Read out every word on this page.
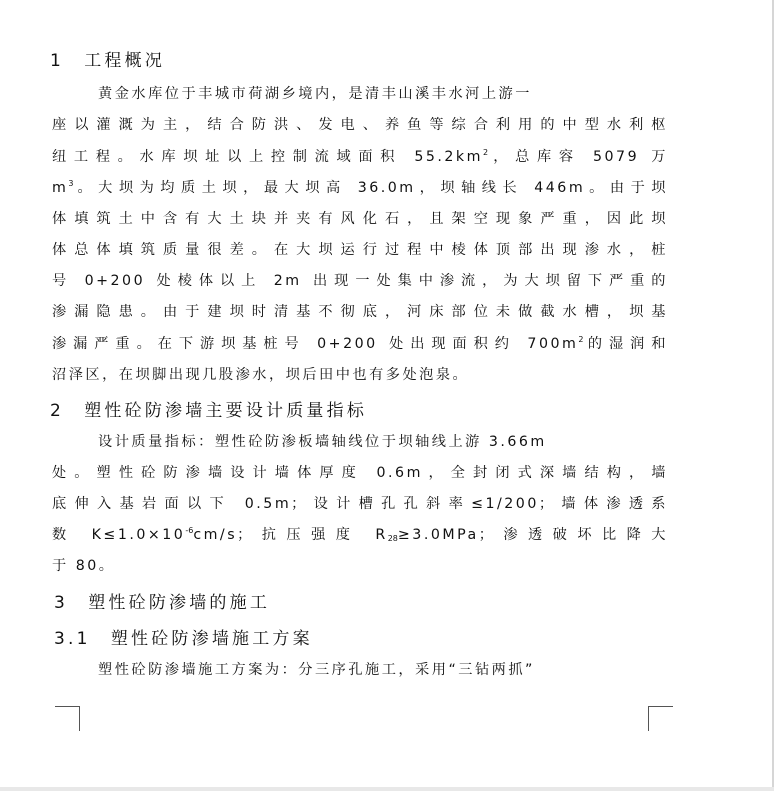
1　工程概况

黄金水库位于丰城市荷湖乡境内，是清丰山溪丰水河上游一

座以灌溉为主，结合防洪、发电、养鱼等综合利用的中型水利枢

纽工程。水库坝址以上控制流域面积 $55.2km^2$，总库容 5079 万

$m^3$。大坝为均质土坝，最大坝高 36.0m，坝轴线长 446m。由于坝

体填筑土中含有大土块并夹有风化石，且架空现象严重，因此坝

体总体填筑质量很差。在大坝运行过程中棱体顶部出现渗水，桩

号 0+200 处棱体以上 2m 出现一处集中渗流，为大坝留下严重的

渗漏隐患。由于建坝时清基不彻底，河床部位未做截水槽，坝基

渗漏严重。在下游坝基桩号 0+200 处出现面积约 $700m^2$的湿润和

沼泽区，在坝脚出现几股渗水，坝后田中也有多处泡泉。

2　塑性砼防渗墙主要设计质量指标

设计质量指标：塑性砼防渗板墙轴线位于坝轴线上游 3.66m

处。塑性砼防渗墙设计墙体厚度 0.6m，全封闭式深墙结构，墙

底伸入基岩面以下 0.5m；设计槽孔孔斜率≤1/200；墙体渗透系

数 $K\le 1.0\times 10^{-6}cm/s$；抗压强度 $R_{28}\ge 3.0MPa$；渗透破坏比降大

于 80。

3　塑性砼防渗墙的施工
3.1　塑性砼防渗墙施工方案

塑性砼防渗墙施工方案为：分三序孔施工，采用“三钻两抓”
